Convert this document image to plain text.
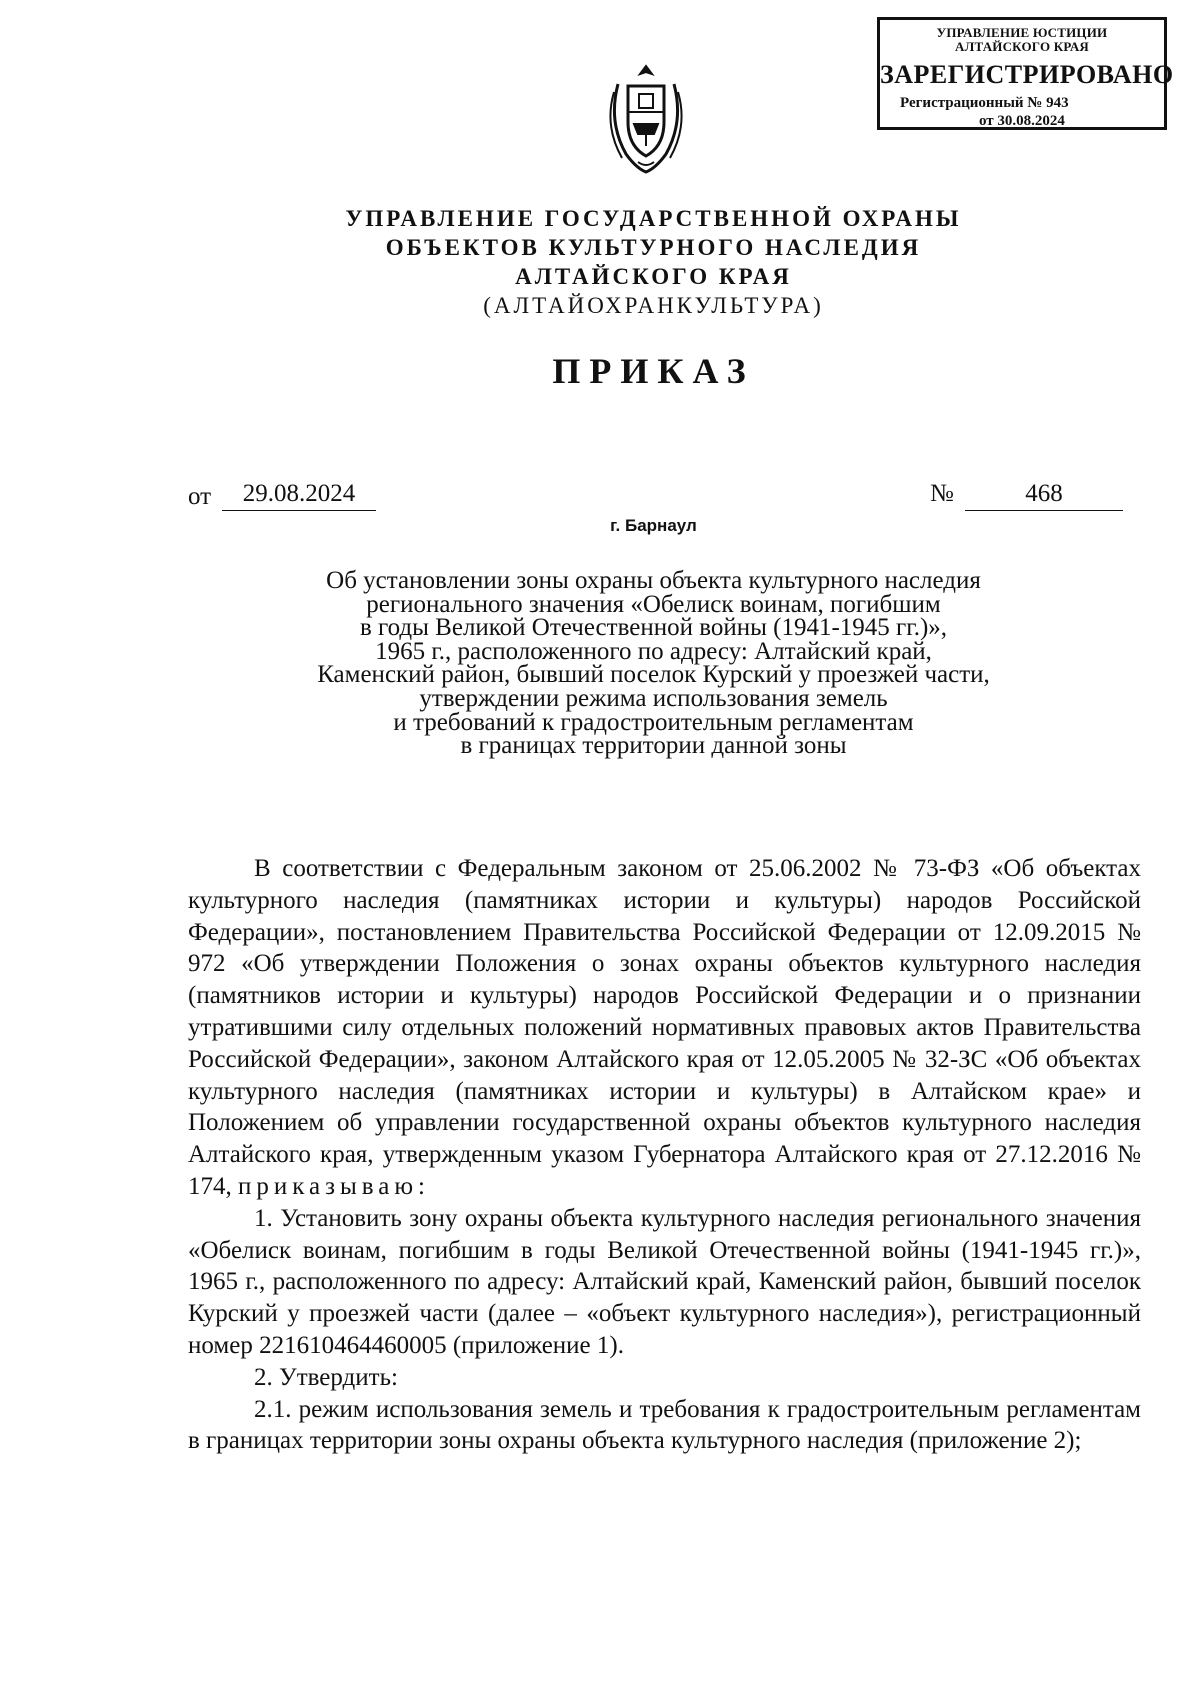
УПРАВЛЕНИЕ ЮСТИЦИИ
АЛТАЙСКОГО КРАЯ
ЗАРЕГИСТРИРОВАНО
Регистрационный № 943
от 30.08.2024
УПРАВЛЕНИЕ ГОСУДАРСТВЕННОЙ ОХРАНЫ
ОБЪЕКТОВ КУЛЬТУРНОГО НАСЛЕДИЯ
АЛТАЙСКОГО КРАЯ
(АЛТАЙОХРАНКУЛЬТУРА)
ПРИКАЗ
от	29.08.2024	№	468
г. Барнаул
Об установлении зоны охраны объекта культурного наследия
регионального значения «Обелиск воинам, погибшим
в годы Великой Отечественной войны (1941-1945 гг.)»,
1965 г., расположенного по адресу: Алтайский край,
Каменский район, бывший поселок Курский у проезжей части,
утверждении режима использования земель
и требований к градостроительным регламентам
в границах территории данной зоны

В соответствии с Федеральным законом от 25.06.2002 № 73-ФЗ «Об объектах культурного наследия (памятниках истории и культуры) народов Российской Федерации», постановлением Правительства Российской Федерации от 12.09.2015 № 972 «Об утверждении Положения о зонах охраны объектов культурного наследия (памятников истории и культуры) народов Российской Федерации и о признании утратившими силу отдельных положений нормативных правовых актов Правительства Российской Федерации», законом Алтайского края от 12.05.2005 № 32-ЗС «Об объектах культурного наследия (памятниках истории и культуры) в Алтайском крае» и Положением об управлении государственной охраны объектов культурного наследия Алтайского края, утвержденным указом Губернатора Алтайского края от 27.12.2016 № 174, приказываю:

1. Установить зону охраны объекта культурного наследия регионального значения «Обелиск воинам, погибшим в годы Великой Отечественной войны (1941-1945 гг.)», 1965 г., расположенного по адресу: Алтайский край, Каменский район, бывший поселок Курский у проезжей части (далее – «объект культурного наследия»), регистрационный номер 221610464460005 (приложение 1).

2. Утвердить:

2.1. режим использования земель и требования к градостроительным регламентам в границах территории зоны охраны объекта культурного наследия (приложение 2);
